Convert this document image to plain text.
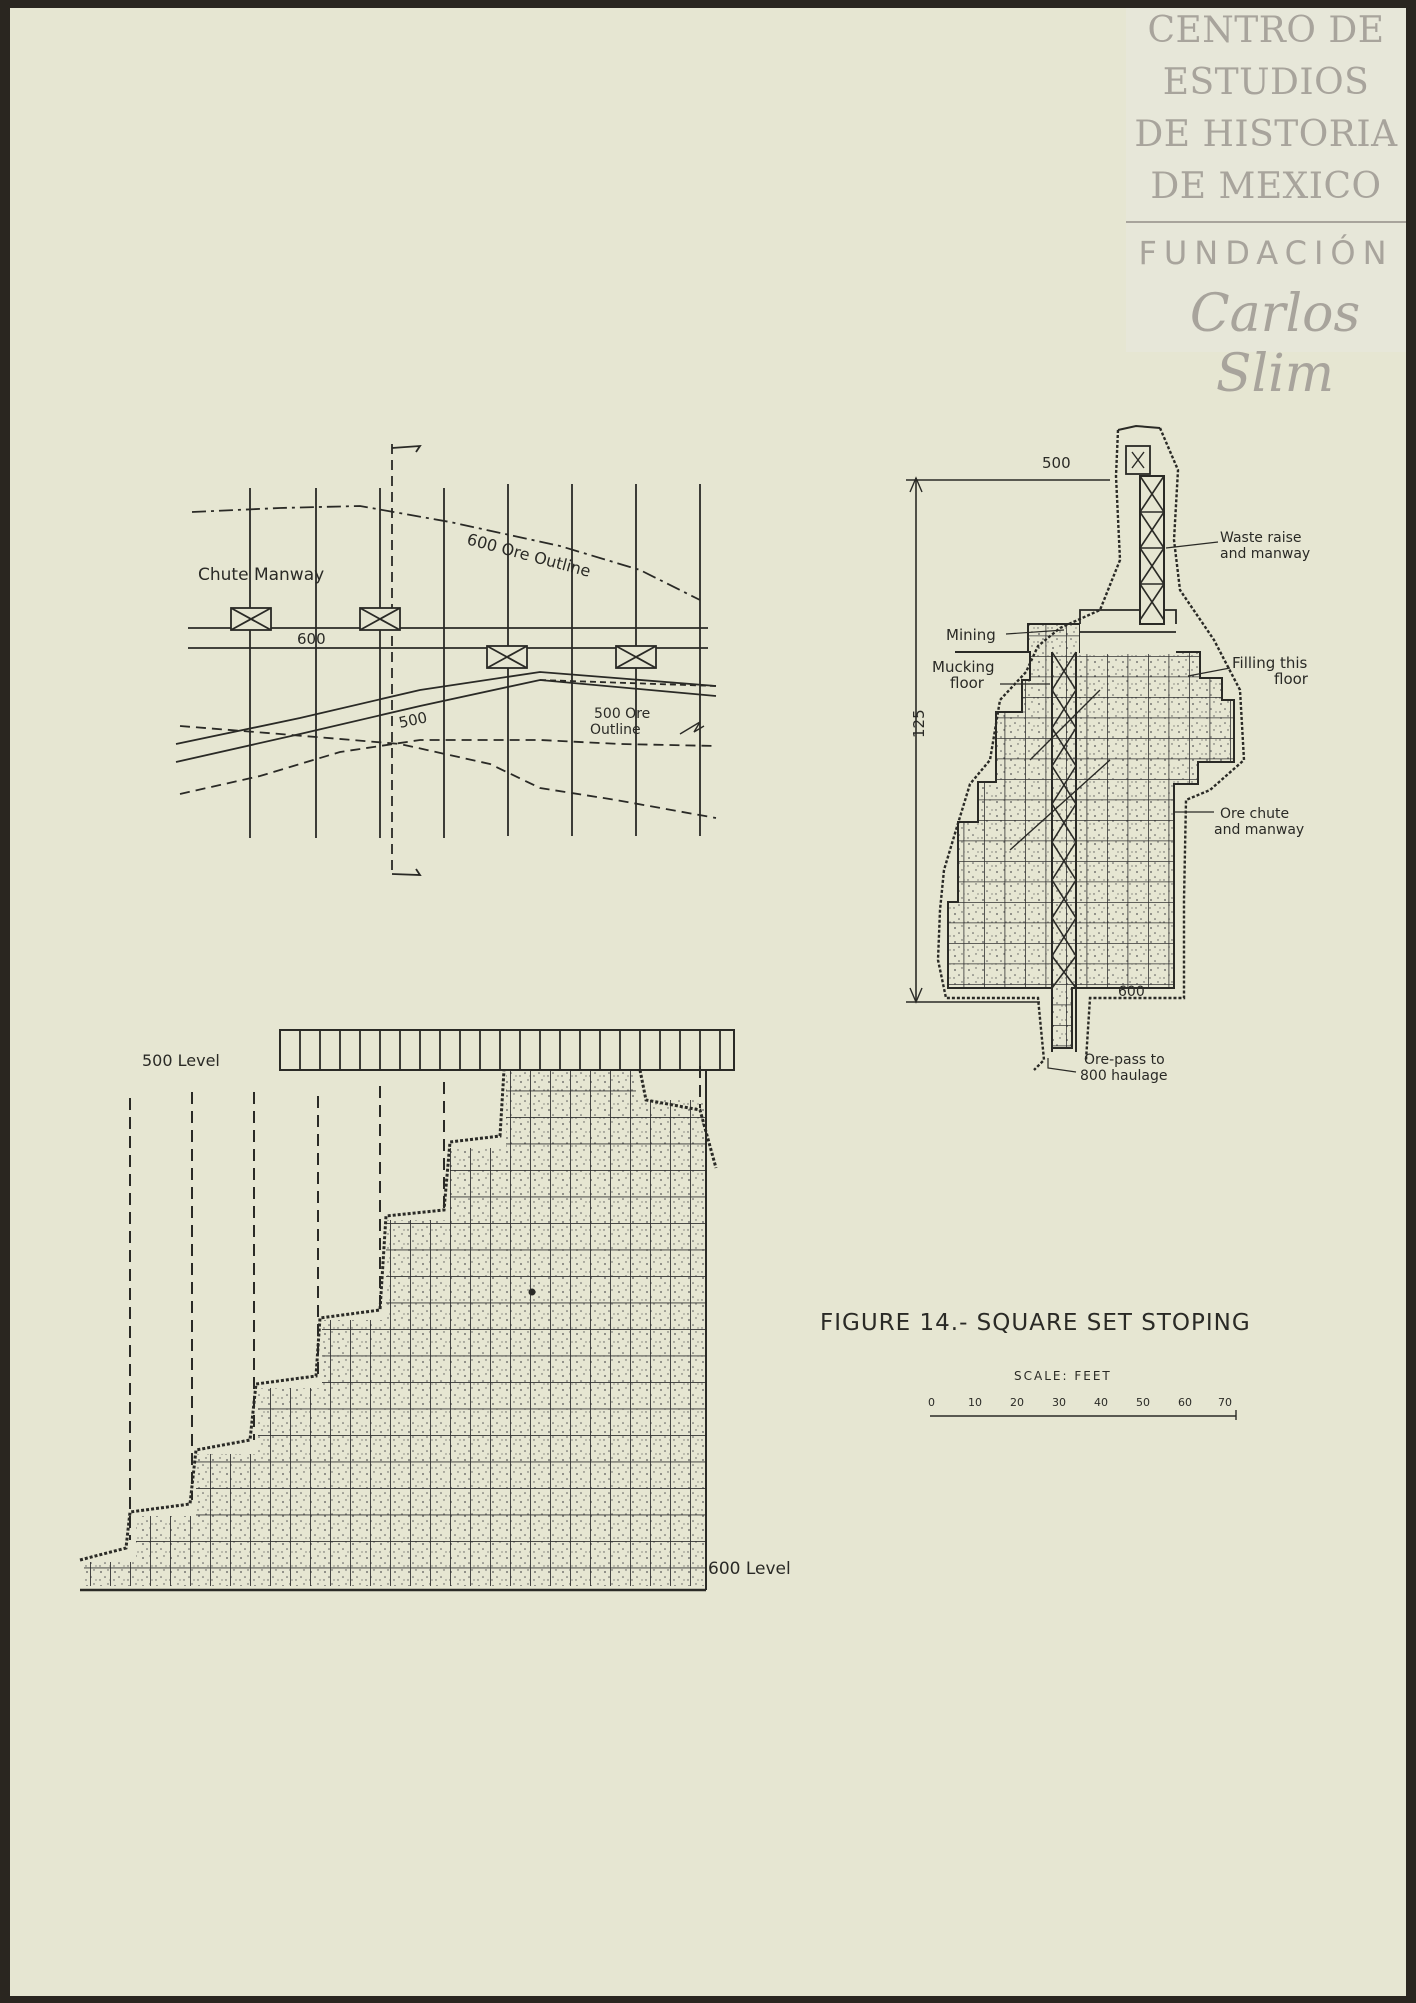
CENTRO DE
ESTUDIOS
DE HISTORIA
DE MEXICO
FUNDACIÓN
Carlos Slim
Chute Manway
600
500
600 Ore Outline
500 Ore
Outline
500
125
600
Waste raise
and manway
Mining
Mucking
floor
Filling this
floor
Ore chute
and manway
Ore-pass to
800 haulage
500 Level
600 Level
FIGURE 14.- SQUARE SET STOPING
SCALE: FEET
0	10	20	30	40	50	60 70
